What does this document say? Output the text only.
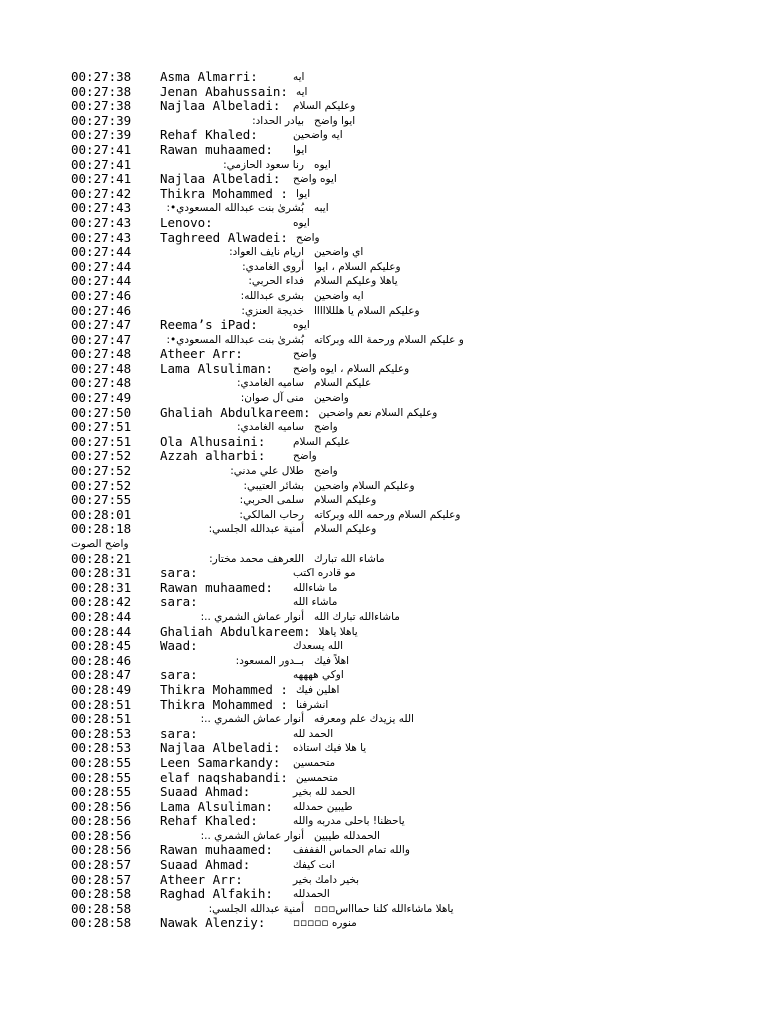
00:27:38 Asma Almarri:	ايه
00:27:38 Jenan Abahussain: ايه
00:27:38 Najlaa Albeladi: وعليكم السلام
00:27:39	بيادر الحداد: ايوا واضح
00:27:39 Rehaf Khaled:	ايه واضحين
00:27:41 Rawan muhaamed: ايوا
00:27:41	رنا سعود الحازمي: ايوه
00:27:41 Najlaa Albeladi: ايوه واضح
00:27:42 Thikra Mohammed : ايوا
00:27:43	بُشرىٰ بنت عبدالله المسعودي•: ايبه
00:27:43 Lenovo:	ايوه
00:27:43 Taghreed Alwadei: واضح
00:27:44	اريام نايف العواد: اي واضحين
00:27:44	أروى الغامدي: وعليكم السلام ، ايوا
00:27:44	فداء الحربي: ياهلا وعليكم السلام
00:27:46	بشرى عبدالله: ايه واضحين
00:27:46	خديجة العنزي: وعليكم السلام يا هلللااااا
00:27:47 Reema’s iPad:	ايوه
00:27:47	بُشرىٰ بنت عبدالله المسعودي•: و عليكم السلام ورحمة الله وبركاته
00:27:48 Atheer Arr:	واضح
00:27:48 Lama Alsuliman: وعليكم السلام ، ايوه واضح
00:27:48	ساميه الغامدي: عليكم السلام
00:27:49	منى آل صوان: واضحين
00:27:50 Ghaliah Abdulkareem: وعليكم السلام نعم واضحين
00:27:51	ساميه الغامدي: واضح
00:27:51 Ola Alhusaini:	عليكم السلام
00:27:52 Azzah alharbi:	واضح
00:27:52	طلال علي مدني: واضح
00:27:52	بشائر العتيبي: وعليكم السلام واضحين
00:27:55	سلمى الحربي: وعليكم السلام
00:28:01	رحاب المالكي: وعليكم السلام ورحمه الله وبركاته
00:28:18	أمنية عبدالله الجلسي: وعليكم السلام
واضح الصوت
00:28:21	اللعرهف محمد مختار: ماشاء الله تبارك
00:28:31 sara:	مو قادره اكتب
00:28:31 Rawan muhaamed: ما شاءالله
00:28:42 sara:	ماشاء الله
00:28:44	أنوار عماش الشمري ..: ماشاءالله تبارك الله
00:28:44 Ghaliah Abdulkareem: ياهلا ياهلا
00:28:45 Waad:	الله يسعدك
00:28:46	بــدور المسعود: اهلاً فيك
00:28:47 sara:	اوكي ههههه
00:28:49 Thikra Mohammed : اهلين فيك
00:28:51 Thikra Mohammed : انشرفنا
00:28:51	أنوار عماش الشمري ..: الله يزيدك علم ومعرفه
00:28:53 sara:	الحمد لله
00:28:53 Najlaa Albeladi: يا هلا فيك استاذه
00:28:55 Leen Samarkandy: متحمسين
00:28:55 elaf naqshabandi: متحمسين
00:28:55 Suaad Ahmad:	الحمد لله بخير
00:28:56 Lama Alsuliman: طيبين حمدلله
00:28:56 Rehaf Khaled:	ياحظنا! باحلى مدربه والله
00:28:56	أنوار عماش الشمري ..: الحمدلله طيبين
00:28:56 Rawan muhaamed: والله تمام الحماس الفففف
00:28:57 Suaad Ahmad:	انت كيفك
00:28:57 Atheer Arr:	بخير دامك بخير
00:28:58 Raghad Alfakih: الحمدلله
00:28:58	أمنية عبدالله الجلسي: ياهلا ماشاءالله كلنا حماااس▫▫▫
00:28:58 Nawak Alenziy:	منوره ▫▫▫▫▫
